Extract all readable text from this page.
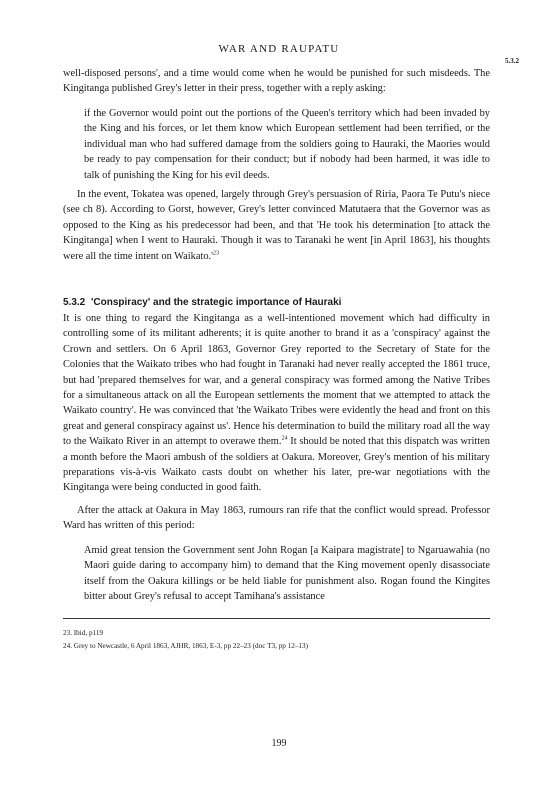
WAR AND RAUPATU
5.3.2

well-disposed persons', and a time would come when he would be punished for such misdeeds. The Kingitanga published Grey's letter in their press, together with a reply asking:

if the Governor would point out the portions of the Queen's territory which had been invaded by the King and his forces, or let them know which European settlement had been terrified, or the individual man who had suffered damage from the soldiers going to Hauraki, the Maories would be ready to pay compensation for their conduct; but if nobody had been harmed, it was idle to talk of punishing the King for his evil deeds.

In the event, Tokatea was opened, largely through Grey's persuasion of Riria, Paora Te Putu's niece (see ch 8). According to Gorst, however, Grey's letter convinced Matutaera that the Governor was as opposed to the King as his predecessor had been, and that 'He took his determination [to attack the Kingitanga] when I went to Hauraki. Though it was to Taranaki he went [in April 1863], his thoughts were all the time intent on $Waikato.'^{23}$

5.3.2 'Conspiracy' and the strategic importance of Hauraki

It is one thing to regard the Kingitanga as a well-intentioned movement which had difficulty in controlling some of its militant adherents; it is quite another to brand it as a 'conspiracy' against the Crown and settlers. On 6 April 1863, Governor Grey reported to the Secretary of State for the Colonies that the Waikato tribes who had fought in Taranaki had never really accepted the 1861 truce, but had 'prepared themselves for war, and a general conspiracy was formed among the Native Tribes for a simultaneous attack on all the European settlements the moment that we attempted to attack the Waikato country'. He was convinced that 'the Waikato Tribes were evidently the head and front on this great and general conspiracy against us'. Hence his determination to build the military road all the way to the Waikato River in an attempt to overawe them.$^{24}$ It should be noted that this dispatch was written a month before the Maori ambush of the soldiers at Oakura. Moreover, Grey's mention of his military preparations vis-à-vis Waikato casts doubt on whether his later, pre-war negotiations with the Kingitanga were being conducted in good faith.

After the attack at Oakura in May 1863, rumours ran rife that the conflict would spread. Professor Ward has written of this period:

Amid great tension the Government sent John Rogan [a Kaipara magistrate] to Ngaruawahia (no Maori guide daring to accompany him) to demand that the King movement openly disassociate itself from the Oakura killings or be held liable for punishment also. Rogan found the Kingites bitter about Grey's refusal to accept Tamihana's assistance

23. Ibid, p119
24. Grey to Newcastle, 6 April 1863, AJHR, 1863, E-3, pp 22–23 (doc T3, pp 12–13)
199
